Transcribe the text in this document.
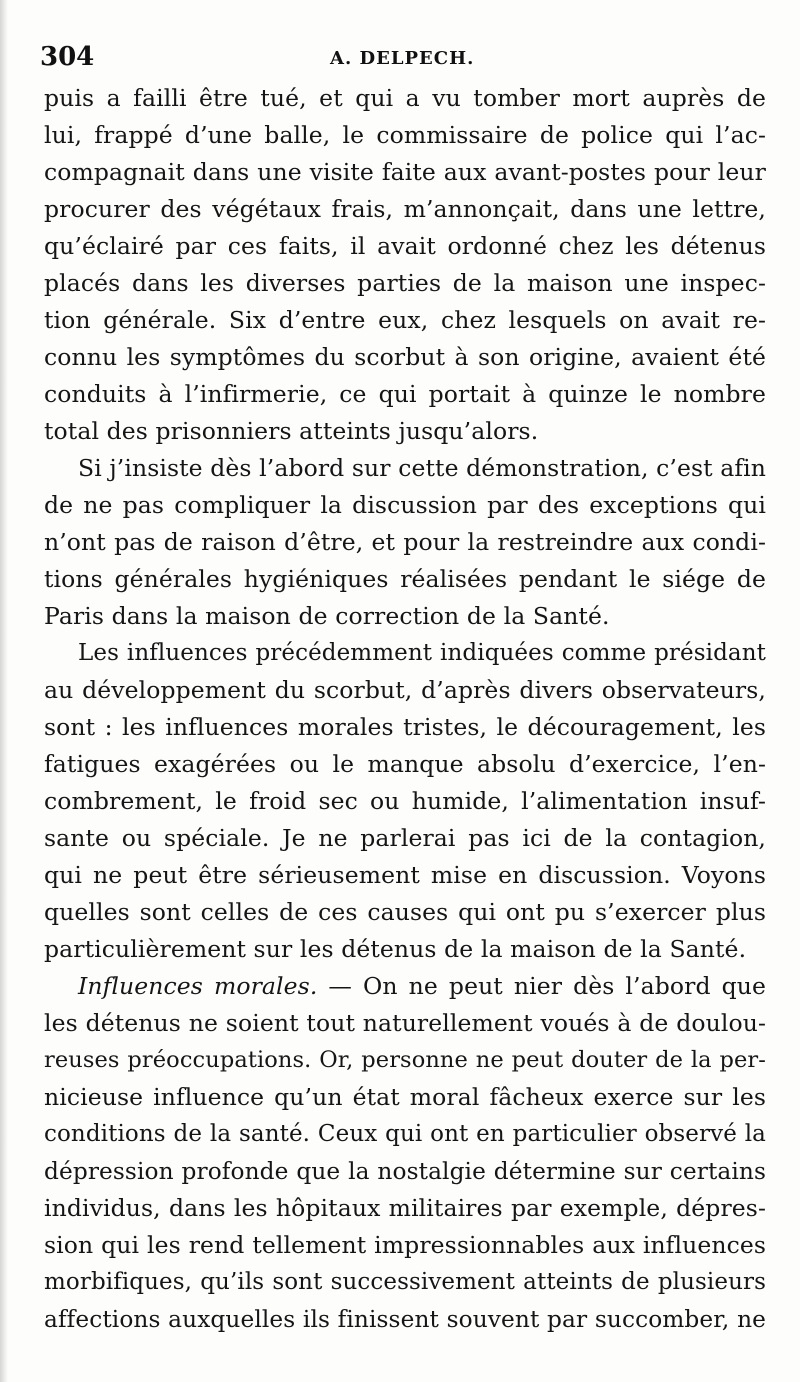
304	A. DELPECH.
puis a failli être tué, et qui a vu tomber mort auprès de
lui, frappé d’une balle, le commissaire de police qui l’ac-
compagnait dans une visite faite aux avant-postes pour leur
procurer des végétaux frais, m’annonçait, dans une lettre,
qu’éclairé par ces faits, il avait ordonné chez les détenus
placés dans les diverses parties de la maison une inspec-
tion générale. Six d’entre eux, chez lesquels on avait re-
connu les symptômes du scorbut à son origine, avaient été
conduits à l’infirmerie, ce qui portait à quinze le nombre
total des prisonniers atteints jusqu’alors.
Si j’insiste dès l’abord sur cette démonstration, c’est afin
de ne pas compliquer la discussion par des exceptions qui
n’ont pas de raison d’être, et pour la restreindre aux condi-
tions générales hygiéniques réalisées pendant le siége de
Paris dans la maison de correction de la Santé.
Les influences précédemment indiquées comme présidant
au développement du scorbut, d’après divers observateurs,
sont : les influences morales tristes, le découragement, les
fatigues exagérées ou le manque absolu d’exercice, l’en-
combrement, le froid sec ou humide, l’alimentation insuf-
sante ou spéciale. Je ne parlerai pas ici de la contagion,
qui ne peut être sérieusement mise en discussion. Voyons
quelles sont celles de ces causes qui ont pu s’exercer plus
particulièrement sur les détenus de la maison de la Santé.
Influences morales. — On ne peut nier dès l’abord que
les détenus ne soient tout naturellement voués à de doulou-
reuses préoccupations. Or, personne ne peut douter de la per-
nicieuse influence qu’un état moral fâcheux exerce sur les
conditions de la santé. Ceux qui ont en particulier observé la
dépression profonde que la nostalgie détermine sur certains
individus, dans les hôpitaux militaires par exemple, dépres-
sion qui les rend tellement impressionnables aux influences
morbifiques, qu’ils sont successivement atteints de plusieurs
affections auxquelles ils finissent souvent par succomber, ne
